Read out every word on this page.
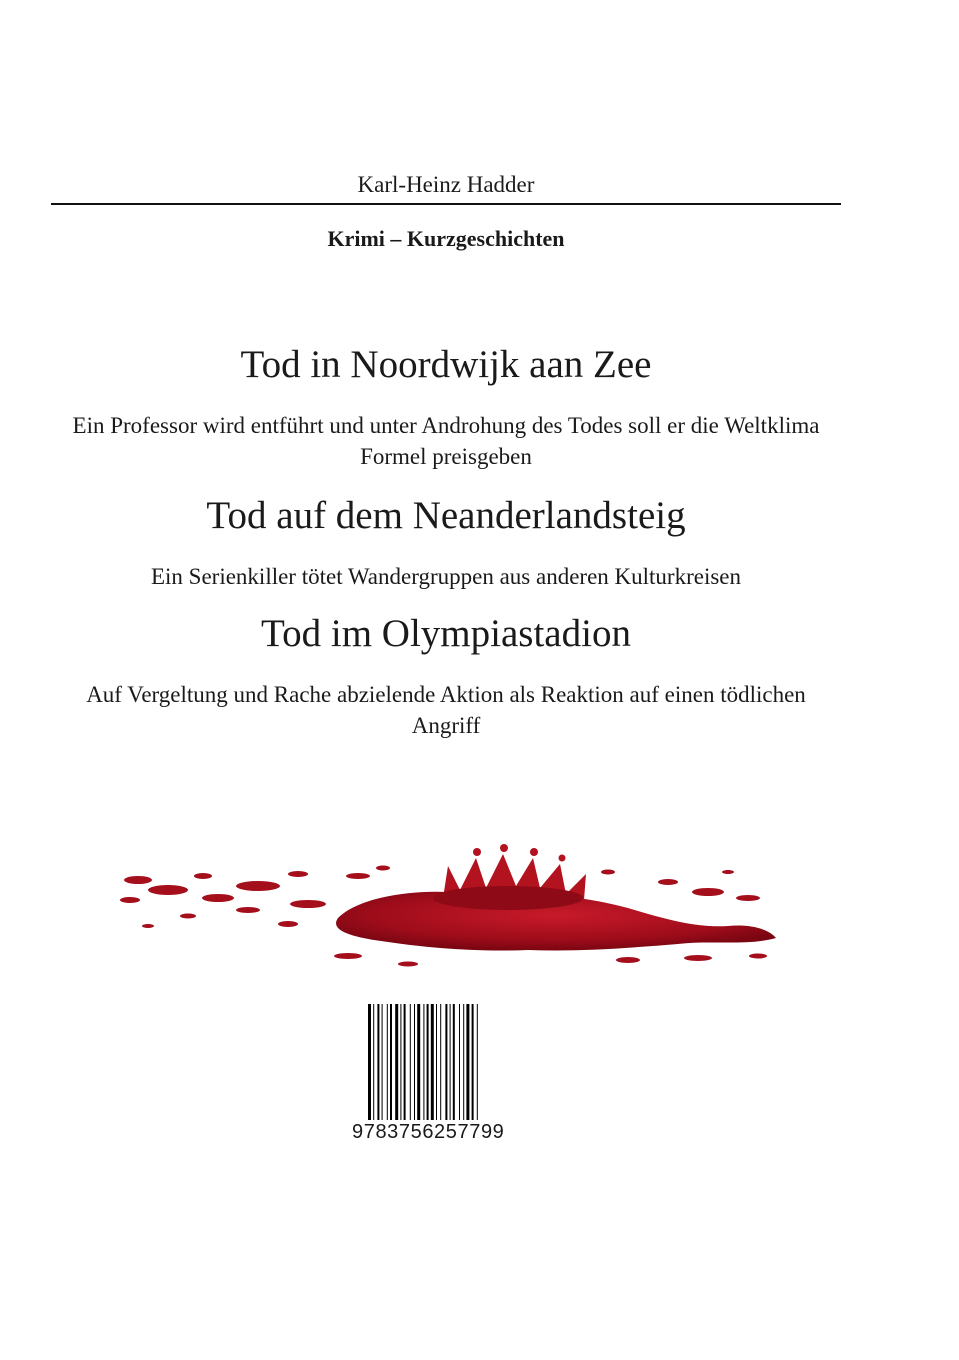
Karl-Heinz Hadder
Krimi – Kurzgeschichten
Tod in Noordwijk aan Zee
Ein Professor wird entführt und unter Androhung des Todes soll er die Weltklima Formel preisgeben
Tod auf dem Neanderlandsteig
Ein Serienkiller tötet Wandergruppen aus anderen Kulturkreisen
Tod im Olympiastadion
Auf Vergeltung und Rache abzielende Aktion als Reaktion auf einen tödlichen Angriff
9783756257799
